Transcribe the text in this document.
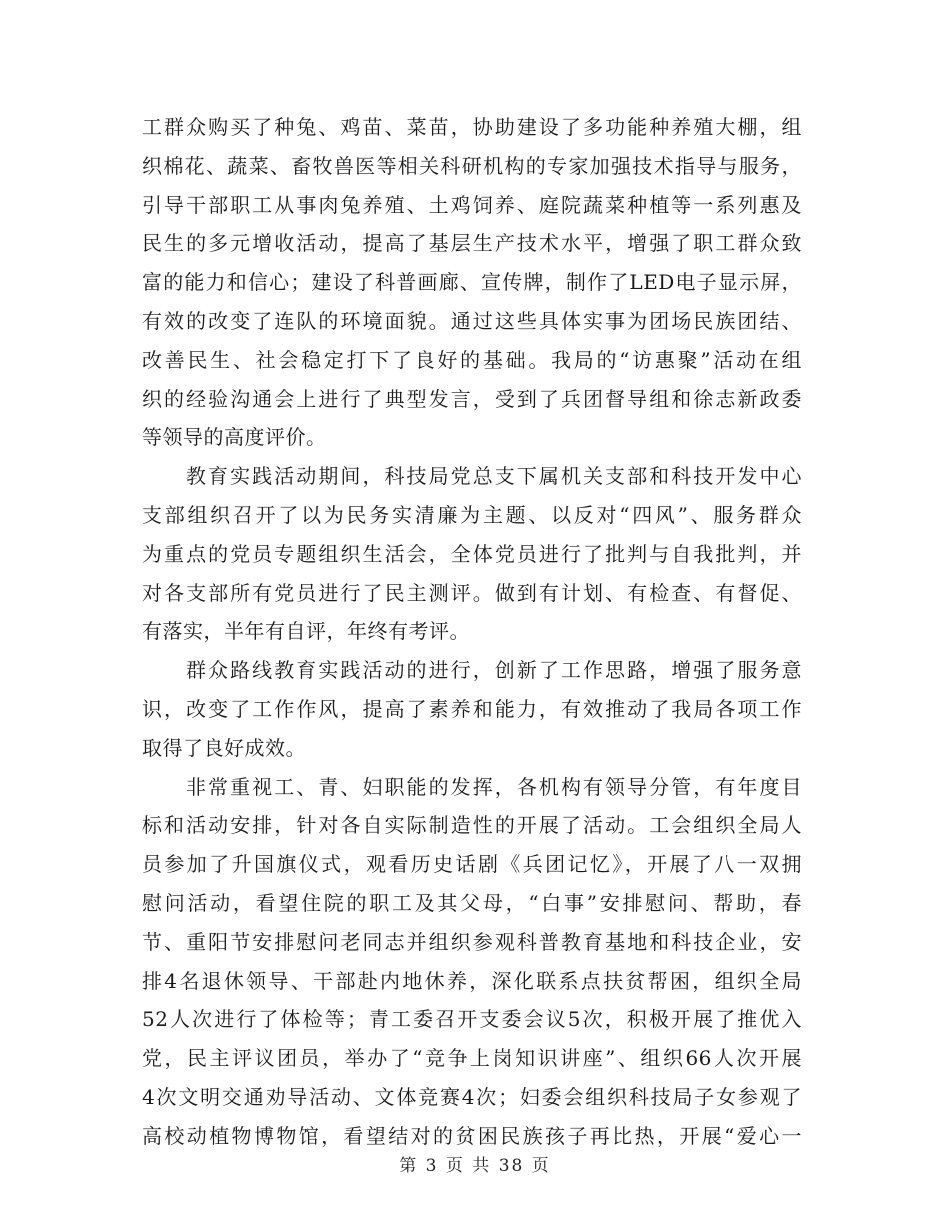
工群众购买了种兔、鸡苗、菜苗，协助建设了多功能种养殖大棚，组
织棉花、蔬菜、畜牧兽医等相关科研机构的专家加强技术指导与服务，
引导干部职工从事肉兔养殖、土鸡饲养、庭院蔬菜种植等一系列惠及
民生的多元增收活动，提高了基层生产技术水平，增强了职工群众致
富的能力和信心；建设了科普画廊、宣传牌，制作了LED电子显示屏，
有效的改变了连队的环境面貌。通过这些具体实事为团场民族团结、
改善民生、社会稳定打下了良好的基础。我局的“访惠聚”活动在组
织的经验沟通会上进行了典型发言，受到了兵团督导组和徐志新政委
等领导的高度评价。
教育实践活动期间，科技局党总支下属机关支部和科技开发中心
支部组织召开了以为民务实清廉为主题、以反对“四风”、服务群众
为重点的党员专题组织生活会，全体党员进行了批判与自我批判，并
对各支部所有党员进行了民主测评。做到有计划、有检查、有督促、
有落实，半年有自评，年终有考评。
群众路线教育实践活动的进行，创新了工作思路，增强了服务意
识，改变了工作作风，提高了素养和能力，有效推动了我局各项工作
取得了良好成效。
非常重视工、青、妇职能的发挥，各机构有领导分管，有年度目
标和活动安排，针对各自实际制造性的开展了活动。工会组织全局人
员参加了升国旗仪式，观看历史话剧《兵团记忆》，开展了八一双拥
慰问活动，看望住院的职工及其父母，“白事”安排慰问、帮助，春
节、重阳节安排慰问老同志并组织参观科普教育基地和科技企业，安
排4名退休领导、干部赴内地休养，深化联系点扶贫帮困，组织全局
52人次进行了体检等；青工委召开支委会议5次，积极开展了推优入
党，民主评议团员，举办了“竞争上岗知识讲座”、组织66人次开展
4次文明交通劝导活动、文体竞赛4次；妇委会组织科技局子女参观了
高校动植物博物馆，看望结对的贫困民族孩子再比热，开展“爱心一
第 3 页 共 38 页
